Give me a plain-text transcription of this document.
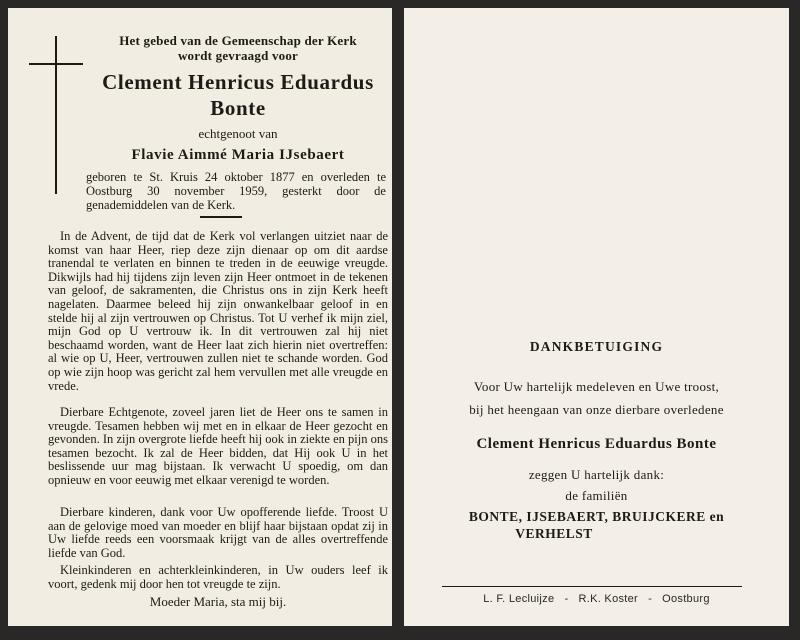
Het gebed van de Gemeenschap der Kerk
wordt gevraagd voor
Clement Henricus Eduardus
Bonte
echtgenoot van
Flavie Aimmé Maria IJsebaert
geboren te St. Kruis 24 oktober 1877 en overleden te Oostburg 30 november 1959, gesterkt door de genademiddelen van de Kerk.

In de Advent, de tijd dat de Kerk vol verlangen uitziet naar de komst van haar Heer, riep deze zijn dienaar op om dit aardse tranendal te verlaten en binnen te treden in de eeuwige vreugde. Dikwijls had hij tijdens zijn leven zijn Heer ontmoet in de tekenen van geloof, de sakramenten, die Christus ons in zijn Kerk heeft nagelaten. Daarmee beleed hij zijn onwankelbaar geloof in en stelde hij al zijn vertrouwen op Christus. Tot U verhef ik mijn ziel, mijn God op U vertrouw ik. In dit vertrouwen zal hij niet beschaamd worden, want de Heer laat zich hierin niet overtreffen: al wie op U, Heer, vertrouwen zullen niet te schande worden. God op wie zijn hoop was gericht zal hem vervullen met alle vreugde en vrede.

Dierbare Echtgenote, zoveel jaren liet de Heer ons te samen in vreugde. Tesamen hebben wij met en in elkaar de Heer gezocht en gevonden. In zijn overgrote liefde heeft hij ook in ziekte en pijn ons tesamen bezocht. Ik zal de Heer bidden, dat Hij ook U in het beslissende uur mag bijstaan. Ik verwacht U spoedig, om dan opnieuw en voor eeuwig met elkaar verenigd te worden.

Dierbare kinderen, dank voor Uw opofferende liefde. Troost U aan de gelovige moed van moeder en blijf haar bijstaan opdat zij in Uw liefde reeds een voorsmaak krijgt van de alles overtreffende liefde van God.

Kleinkinderen en achterkleinkinderen, in Uw ouders leef ik voort, gedenk mij door hen tot vreugde te zijn.

Moeder Maria, sta mij bij.
DANKBETUIGING
Voor Uw hartelijk medeleven en Uwe troost,
bij het heengaan van onze dierbare overledene
Clement Henricus Eduardus Bonte
zeggen U hartelijk dank:
de familiën
BONTE, IJSEBAERT, BRUIJCKERE en
VERHELST
L. F. Lecluijze   -   R.K. Koster   -   Oostburg
